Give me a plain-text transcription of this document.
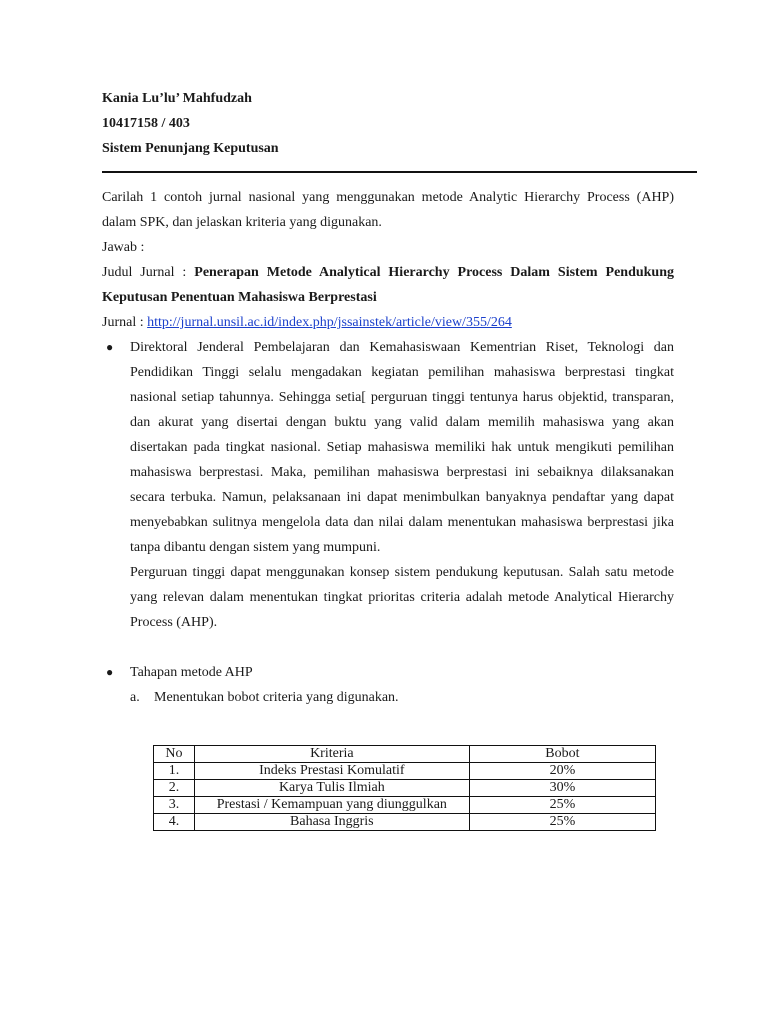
Kania Lu’lu’ Mahfudzah
10417158 / 403
Sistem Penunjang Keputusan

Carilah 1 contoh jurnal nasional yang menggunakan metode Analytic Hierarchy Process (AHP) dalam SPK, dan jelaskan kriteria yang digunakan.

Jawab :

Judul Jurnal : Penerapan Metode Analytical Hierarchy Process Dalam Sistem Pendukung Keputusan Penentuan Mahasiswa Berprestasi

Jurnal : http://jurnal.unsil.ac.id/index.php/jssainstek/article/view/355/264

● Direktoral Jenderal Pembelajaran dan Kemahasiswaan Kementrian Riset, Teknologi dan Pendidikan Tinggi selalu mengadakan kegiatan pemilihan mahasiswa berprestasi tingkat nasional setiap tahunnya. Sehingga setia[ perguruan tinggi tentunya harus objektid, transparan, dan akurat yang disertai dengan buktu yang valid dalam memilih mahasiswa yang akan disertakan pada tingkat nasional. Setiap mahasiswa memiliki hak untuk mengikuti pemilihan mahasiswa berprestasi. Maka, pemilihan mahasiswa berprestasi ini sebaiknya dilaksanakan secara terbuka. Namun, pelaksanaan ini dapat menimbulkan banyaknya pendaftar yang dapat menyebabkan sulitnya mengelola data dan nilai dalam menentukan mahasiswa berprestasi jika tanpa dibantu dengan sistem yang mumpuni.

Perguruan tinggi dapat menggunakan konsep sistem pendukung keputusan. Salah satu metode yang relevan dalam menentukan tingkat prioritas criteria adalah metode Analytical Hierarchy Process (AHP).

● Tahapan metode AHP

a. Menentukan bobot criteria yang digunakan.
No	Kriteria	Bobot
1.	Indeks Prestasi Komulatif	20%
2.	Karya Tulis Ilmiah	30%
3.	Prestasi / Kemampuan yang diunggulkan	25%
4.	Bahasa Inggris	25%
